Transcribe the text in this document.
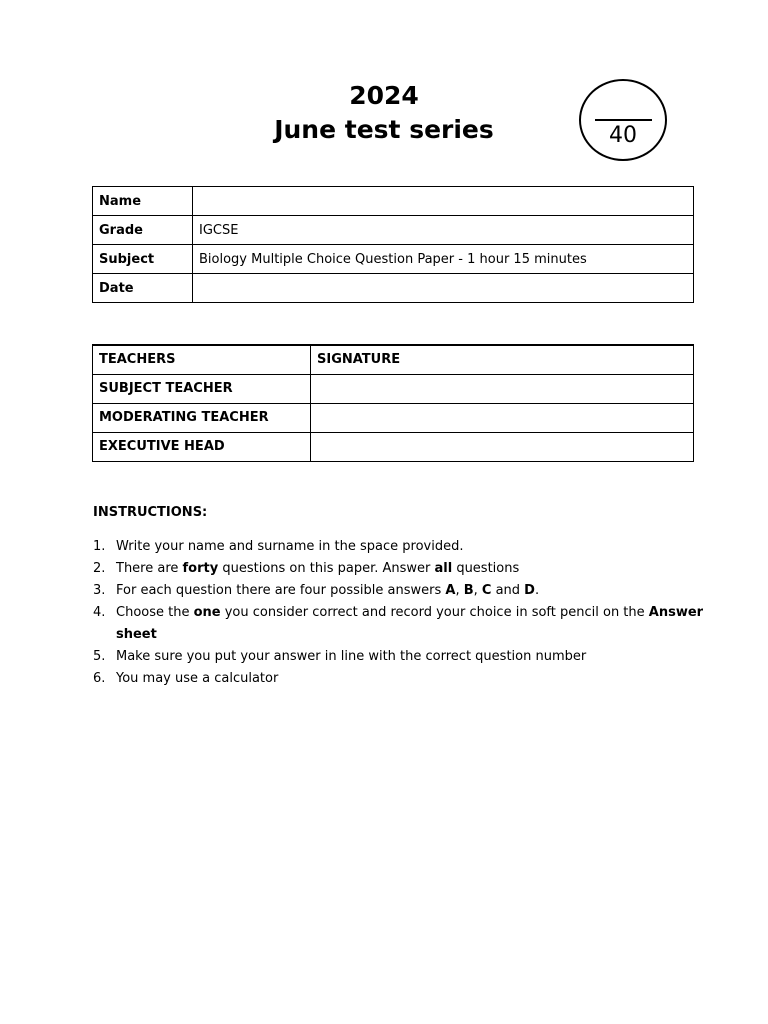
2024
June test series	40
Name	
Grade	IGCSE
Subject	Biology Multiple Choice Question Paper - 1 hour 15 minutes
Date	
TEACHERS	SIGNATURE
SUBJECT TEACHER	
MODERATING TEACHER	
EXECUTIVE HEAD	
INSTRUCTIONS:
1. Write your name and surname in the space provided.
2. There are forty questions on this paper. Answer all questions
3. For each question there are four possible answers A, B, C and D.
4. Choose the one you consider correct and record your choice in soft pencil on the Answer sheet
5. Make sure you put your answer in line with the correct question number
6. You may use a calculator
